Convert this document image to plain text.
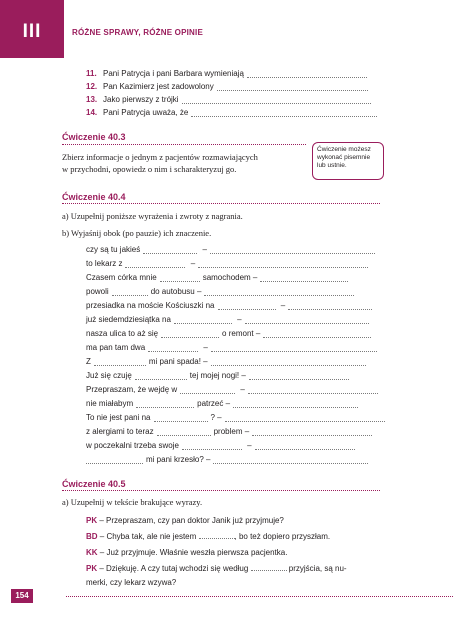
III	RÓŻNE SPRAWY, RÓŻNE OPINIE
11. Pani Patrycja i pani Barbara wymieniają
12. Pan Kazimierz jest zadowolony
13. Jako pierwszy z trójki
14. Pani Patrycja uważa, że
Ćwiczenie 40.3
Zbierz informacje o jednym z pacjentów rozmawiających
w przychodni, opowiedz o nim i scharakteryzuj go.
Ćwiczenie możesz wykonać pisemnie lub ustnie.
Ćwiczenie 40.4
a) Uzupełnij poniższe wyrażenia i zwroty z nagrania.
b) Wyjaśnij obok (po pauzie) ich znaczenie.
czy są tu jakieś	–
to lekarz z	–
Czasem córka mnie	samochodem –
powoli	do autobusu –
przesiadka na moście Kościuszki na	–
już siedemdziesiątka na	–
nasza ulica to aż się	o remont –
ma pan tam dwa	–
Z	mi pani spada! –
Już się czuję	tej mojej nogi! –
Przepraszam, że wejdę w	–
nie miałabym	patrzeć –
To nie jest pani na	? –
z alergiami to teraz	problem –
w poczekalni trzeba swoje	–
mi pani krzesło? –
Ćwiczenie 40.5
a) Uzupełnij w tekście brakujące wyrazy.
PK – Przepraszam, czy pan doktor Janik już przyjmuje?
BD – Chyba tak, ale nie jestem	, bo też dopiero przyszłam.
KK – Już przyjmuje. Właśnie weszła pierwsza pacjentka.
PK – Dziękuję. A czy tutaj wchodzi się według	przyjścia, są nu-
merki, czy lekarz wzywa?
154
